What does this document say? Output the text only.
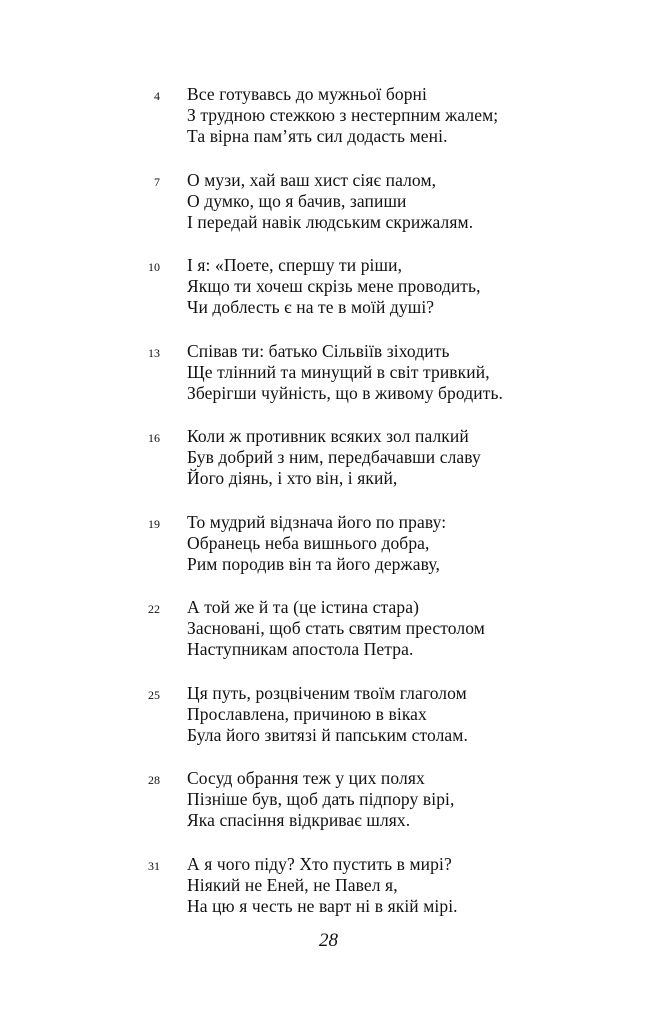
4 Все готувавсь до мужньої борні
З трудною стежкою з нестерпним жалем;
Та вірна пам’ять сил додасть мені.
7 О музи, хай ваш хист сіяє палом,
О думко, що я бачив, запиши
І передай навік людським скрижалям.
10 І я: «Поете, спершу ти ріши,
Якщо ти хочеш скрізь мене проводить,
Чи доблесть є на те в моїй душі?
13 Співав ти: батько Сільвіїв зіходить
Ще тлінний та минущий в світ тривкий,
Зберігши чуйність, що в живому бродить.
16 Коли ж противник всяких зол палкий
Був добрий з ним, передбачавши славу
Його діянь, і хто він, і який,
19 То мудрий відзнача його по праву:
Обранець неба вишнього добра,
Рим породив він та його державу,
22 А той же й та (це істина стара)
Засновані, щоб стать святим престолом
Наступникам апостола Петра.
25 Ця путь, розцвіченим твоїм глаголом
Прославлена, причиною в віках
Була його звитязі й папським столам.
28 Сосуд обрання теж у цих полях
Пізніше був, щоб дать підпору вірі,
Яка спасіння відкриває шлях.
31 А я чого піду? Хто пустить в мирі?
Ніякий не Еней, не Павел я,
На цю я честь не варт ні в якій мірі.
28
